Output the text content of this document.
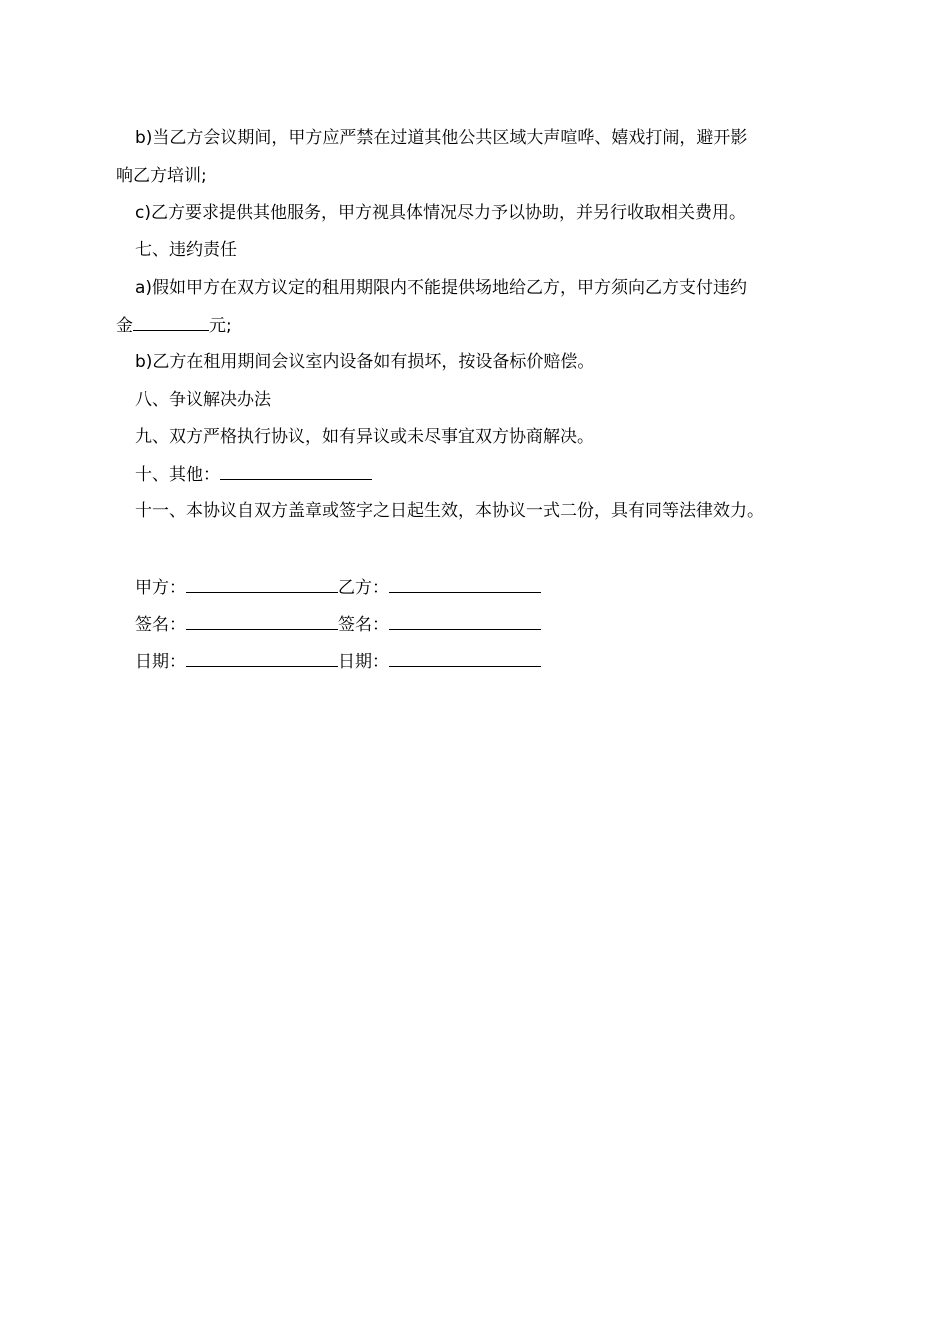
b)当乙方会议期间，甲方应严禁在过道其他公共区域大声喧哗、嬉戏打闹，避开影
响乙方培训;
c)乙方要求提供其他服务，甲方视具体情况尽力予以协助，并另行收取相关费用。
七、违约责任
a)假如甲方在双方议定的租用期限内不能提供场地给乙方，甲方须向乙方支付违约
金	元;
b)乙方在租用期间会议室内设备如有损坏，按设备标价赔偿。
八、争议解决办法
九、双方严格执行协议，如有异议或未尽事宜双方协商解决。
十、其他：
十一、本协议自双方盖章或签字之日起生效，本协议一式二份，具有同等法律效力。
甲方：	乙方：
签名：	签名：
日期：	日期：
